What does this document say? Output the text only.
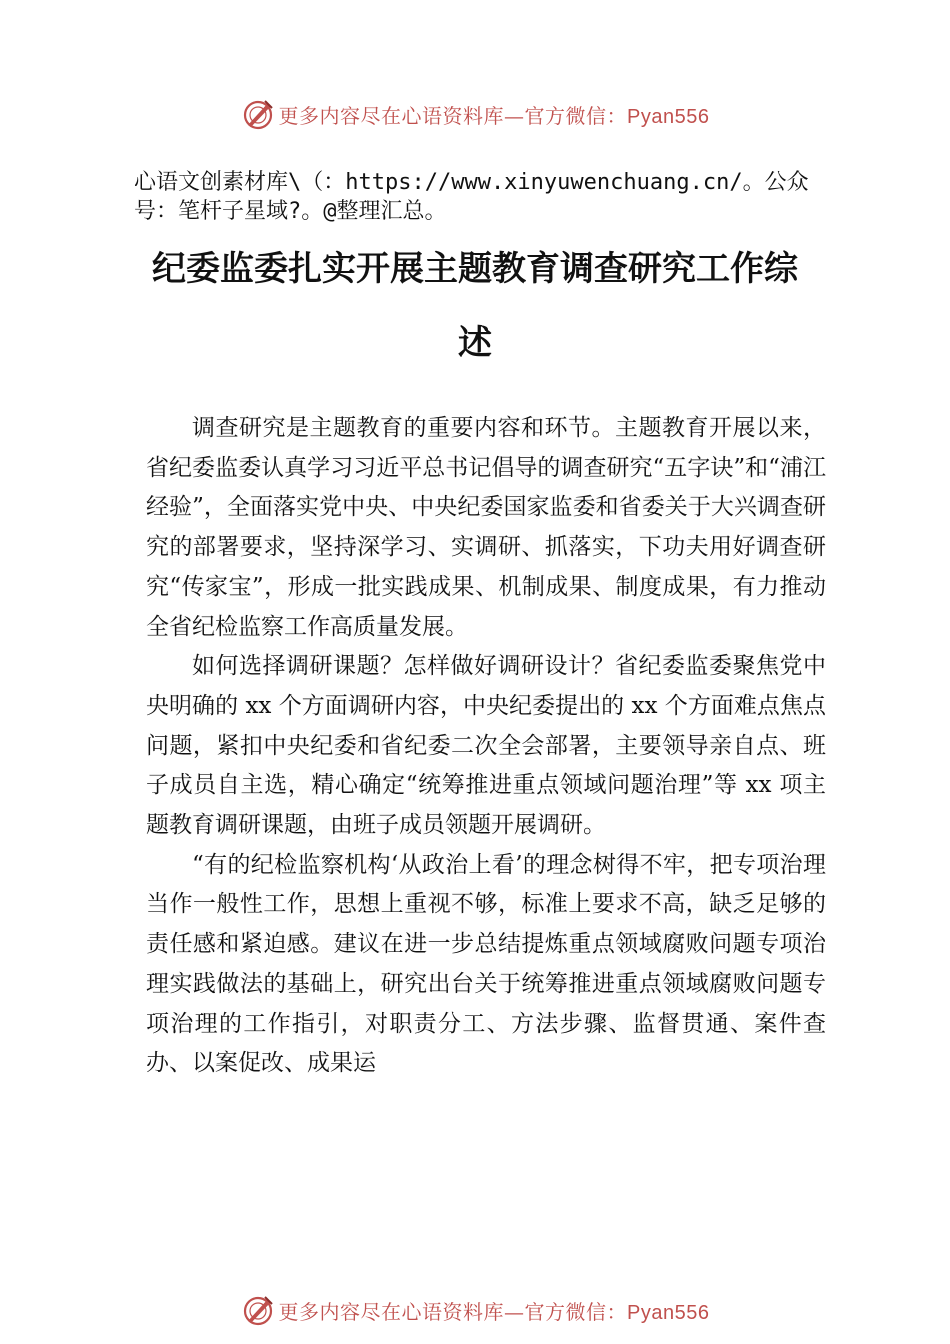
更多内容尽在心语资料库—官方微信：Pyan556
心语文创素材库\（：https://www.xinyuwenchuang.cn/。公众号：笔杆子星域?。@整理汇总。
纪委监委扎实开展主题教育调查研究工作综述

调查研究是主题教育的重要内容和环节。主题教育开展以来，省纪委监委认真学习习近平总书记倡导的调查研究“五字诀”和“浦江经验”，全面落实党中央、中央纪委国家监委和省委关于大兴调查研究的部署要求，坚持深学习、实调研、抓落实，下功夫用好调查研究“传家宝”，形成一批实践成果、机制成果、制度成果，有力推动全省纪检监察工作高质量发展。

如何选择调研课题？怎样做好调研设计？省纪委监委聚焦党中央明确的 xx 个方面调研内容，中央纪委提出的 xx 个方面难点焦点问题，紧扣中央纪委和省纪委二次全会部署，主要领导亲自点、班子成员自主选，精心确定“统筹推进重点领域问题治理”等 xx 项主题教育调研课题，由班子成员领题开展调研。

“有的纪检监察机构‘从政治上看’的理念树得不牢，把专项治理当作一般性工作，思想上重视不够，标准上要求不高，缺乏足够的责任感和紧迫感。建议在进一步总结提炼重点领域腐败问题专项治理实践做法的基础上，研究出台关于统筹推进重点领域腐败问题专项治理的工作指引，对职责分工、方法步骤、监督贯通、案件查办、以案促改、成果运

更多内容尽在心语资料库—官方微信：Pyan556
